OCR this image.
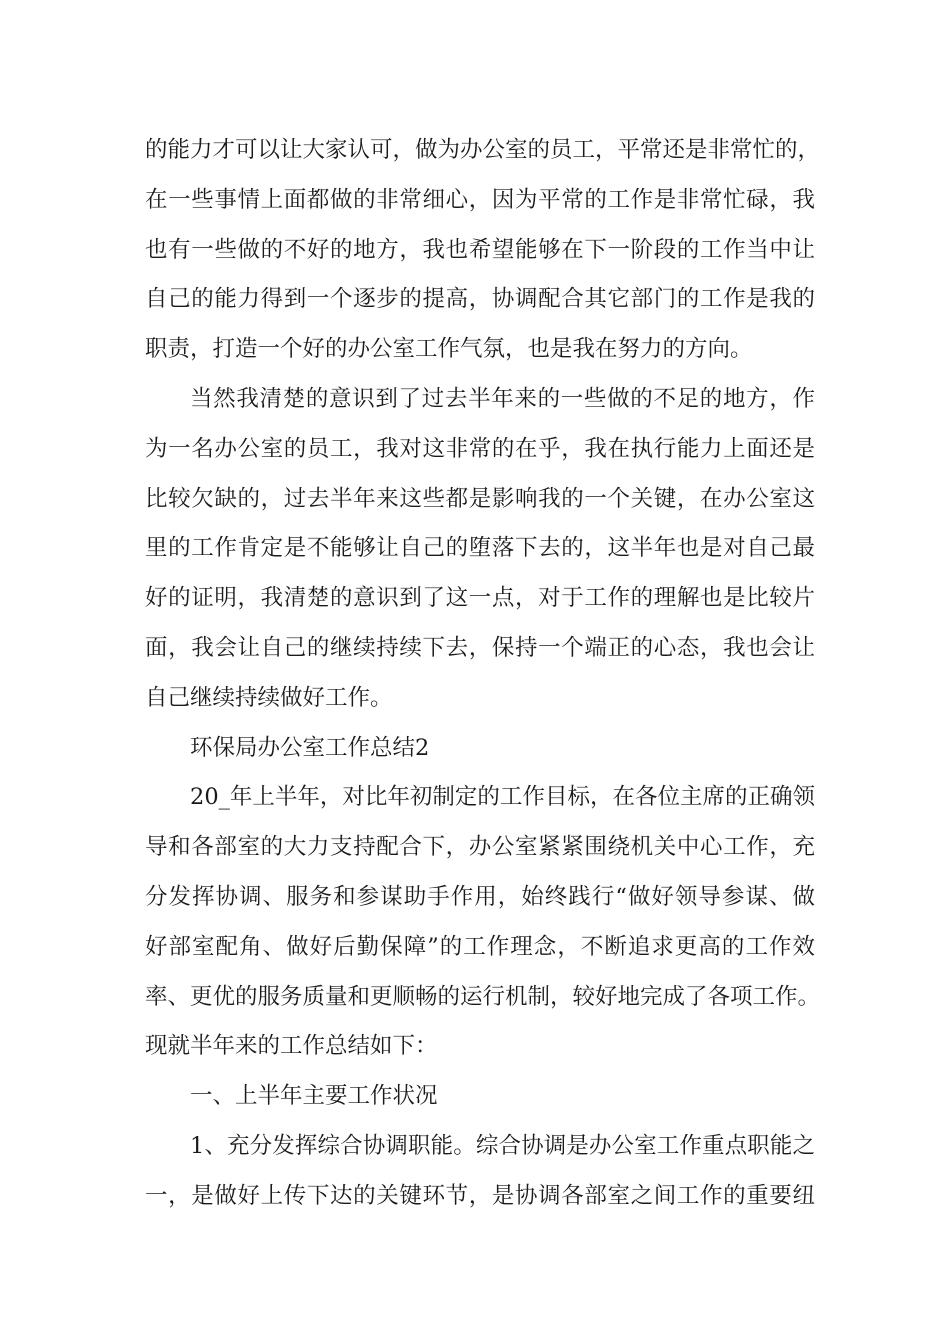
的能力才可以让大家认可，做为办公室的员工，平常还是非常忙的，
在一些事情上面都做的非常细心，因为平常的工作是非常忙碌，我
也有一些做的不好的地方，我也希望能够在下一阶段的工作当中让
自己的能力得到一个逐步的提高，协调配合其它部门的工作是我的
职责，打造一个好的办公室工作气氛，也是我在努力的方向。
当然我清楚的意识到了过去半年来的一些做的不足的地方，作
为一名办公室的员工，我对这非常的在乎，我在执行能力上面还是
比较欠缺的，过去半年来这些都是影响我的一个关键，在办公室这
里的工作肯定是不能够让自己的堕落下去的，这半年也是对自己最
好的证明，我清楚的意识到了这一点，对于工作的理解也是比较片
面，我会让自己的继续持续下去，保持一个端正的心态，我也会让
自己继续持续做好工作。
环保局办公室工作总结2
20_年上半年，对比年初制定的工作目标，在各位主席的正确领
导和各部室的大力支持配合下，办公室紧紧围绕机关中心工作，充
分发挥协调、服务和参谋助手作用，始终践行“做好领导参谋、做
好部室配角、做好后勤保障”的工作理念，不断追求更高的工作效
率、更优的服务质量和更顺畅的运行机制，较好地完成了各项工作。
现就半年来的工作总结如下：
一、上半年主要工作状况
1、充分发挥综合协调职能。综合协调是办公室工作重点职能之
一，是做好上传下达的关键环节，是协调各部室之间工作的重要纽
